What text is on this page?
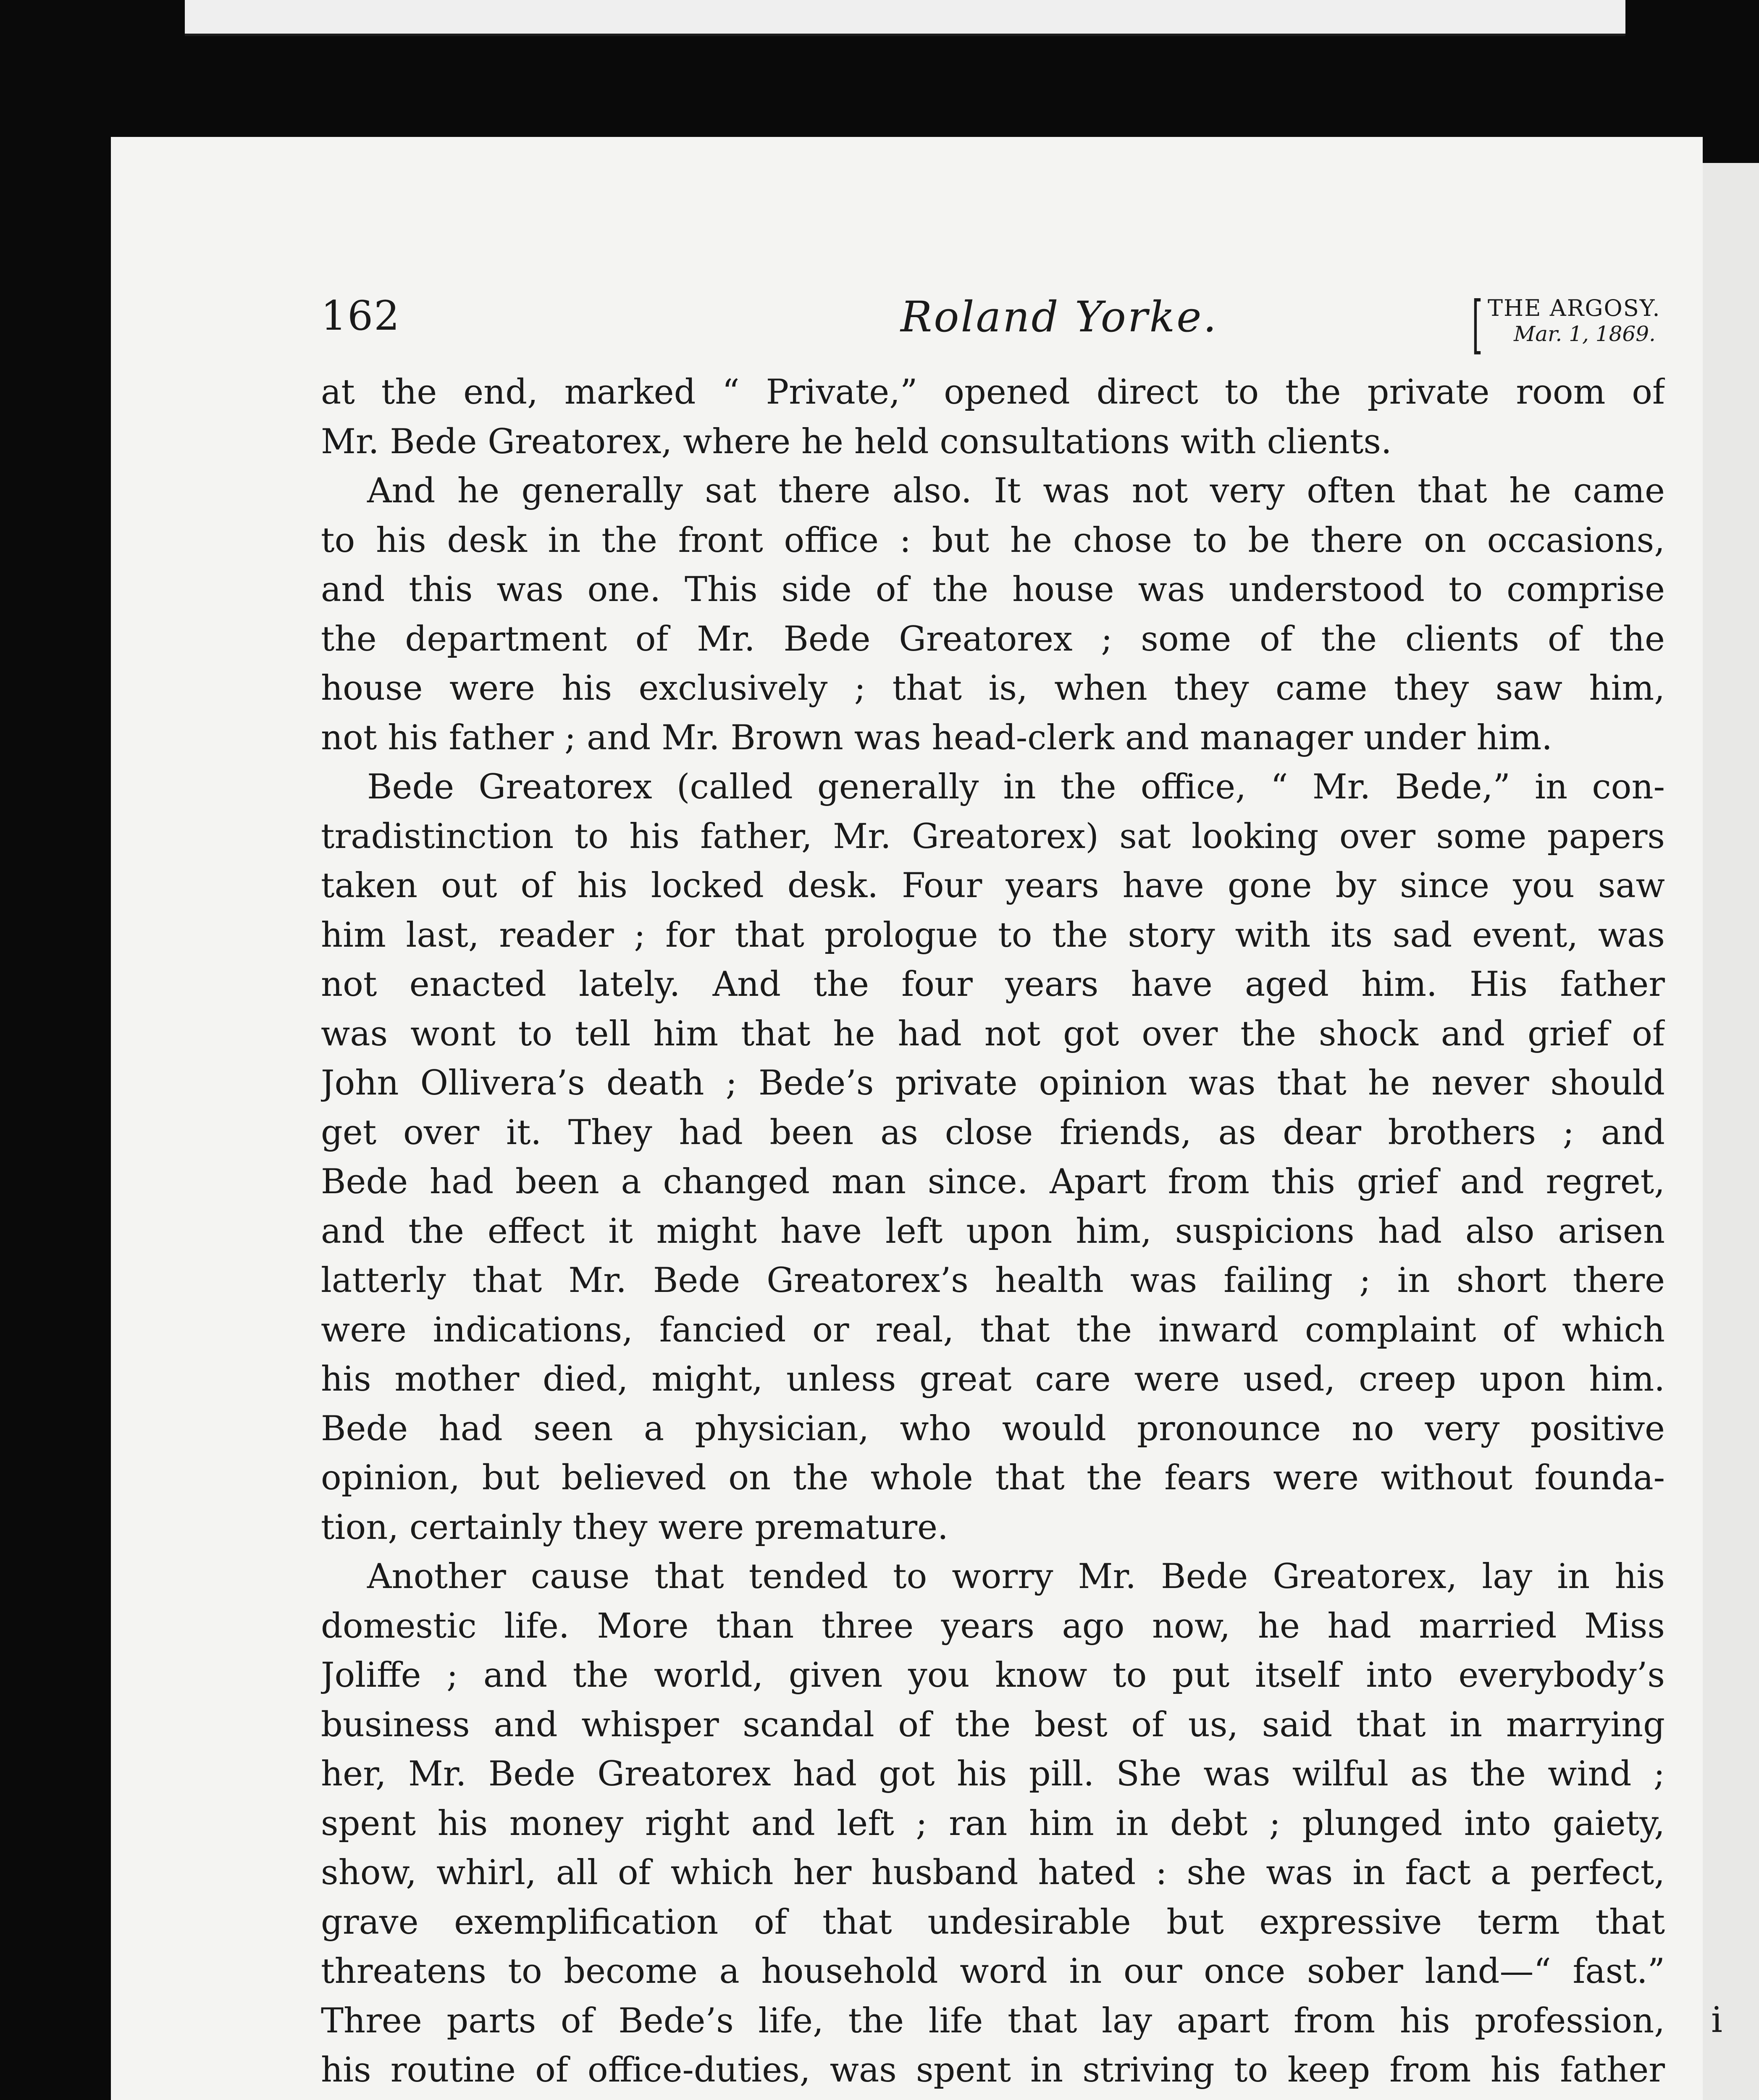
162	Roland Yorke.	[ THE ARGOSY.
Mar. 1, 1869.
at the end, marked “ Private,” opened direct to the private room of
Mr. Bede Greatorex, where he held consultations with clients.
And he generally sat there also. It was not very often that he came
to his desk in the front office : but he chose to be there on occasions,
and this was one. This side of the house was understood to comprise
the department of Mr. Bede Greatorex ; some of the clients of the
house were his exclusively ; that is, when they came they saw him,
not his father ; and Mr. Brown was head-clerk and manager under him.
Bede Greatorex (called generally in the office, “ Mr. Bede,” in con-
tradistinction to his father, Mr. Greatorex) sat looking over some papers
taken out of his locked desk. Four years have gone by since you saw
him last, reader ; for that prologue to the story with its sad event, was
not enacted lately. And the four years have aged him. His father
was wont to tell him that he had not got over the shock and grief of
John Ollivera’s death ; Bede’s private opinion was that he never should
get over it. They had been as close friends, as dear brothers ; and
Bede had been a changed man since. Apart from this grief and regret,
and the effect it might have left upon him, suspicions had also arisen
latterly that Mr. Bede Greatorex’s health was failing ; in short there
were indications, fancied or real, that the inward complaint of which
his mother died, might, unless great care were used, creep upon him.
Bede had seen a physician, who would pronounce no very positive
opinion, but believed on the whole that the fears were without founda-
tion, certainly they were premature.
Another cause that tended to worry Mr. Bede Greatorex, lay in his
domestic life. More than three years ago now, he had married Miss
Joliffe ; and the world, given you know to put itself into everybody’s
business and whisper scandal of the best of us, said that in marrying
her, Mr. Bede Greatorex had got his pill. She was wilful as the wind ;
spent his money right and left ; ran him in debt ; plunged into gaiety,
show, whirl, all of which her husband hated : she was in fact a perfect,
grave exemplification of that undesirable but expressive term that
threatens to become a household word in our once sober land—“ fast.”
Three parts of Bede’s life, the life that lay apart from his profession,
his routine of office-duties, was spent in striving to keep from his father
i
